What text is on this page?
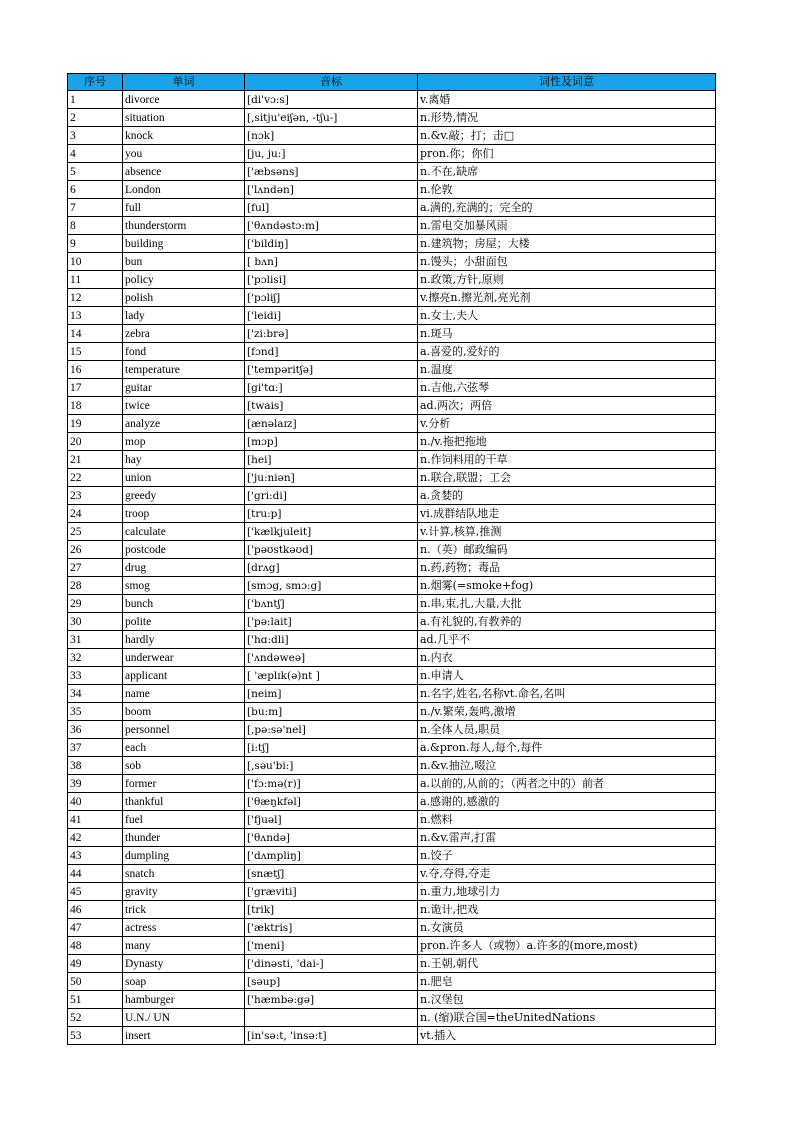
序号	单词	音标	词性及词意
1	divorce	[di'vɔ:s]	v.离婚
2	situation	[,sitju'eiʃən, -tʃu-]	n.形势,情况
3	knock	[nɔk]	n.&v.敲；打；击□
4	you	[ju, ju:]	pron.你；你们
5	absence	['æbsəns]	n.不在,缺席
6	London	['lʌndən]	n.伦敦
7	full	[ful]	a.满的,充满的；完全的
8	thunderstorm	['θʌndəstɔ:m]	n.雷电交加暴风雨
9	building	['bildiŋ]	n.建筑物；房屋；大楼
10	bun	[ bʌn]	n.馒头；小甜面包
11	policy	['pɔlisi]	n.政策,方针,原则
12	polish	['pɔliʃ]	v.擦亮n.擦光剂,亮光剂
13	lady	['leidi]	n.女士,夫人
14	zebra	['zi:brə]	n.斑马
15	fond	[fɔnd]	a.喜爱的,爱好的
16	temperature	['tempəritʃə]	n.温度
17	guitar	[gi'tɑ:]	n.吉他,六弦琴
18	twice	[twais]	ad.两次；两倍
19	analyze	[ænəlaɪz]	v.分析
20	mop	[mɔp]	n./v.拖把拖地
21	hay	[hei]	n.作饲料用的干草
22	union	['ju:niən]	n.联合,联盟；工会
23	greedy	['gri:di]	a.贪婪的
24	troop	[tru:p]	vi.成群结队地走
25	calculate	['kælkjuleit]	v.计算,核算,推测
26	postcode	['pəʊstkəʊd]	n.（英）邮政编码
27	drug	[drʌg]	n.药,药物；毒品
28	smog	[smɔg, smɔ:g]	n.烟雾(=smoke+fog)
29	bunch	['bʌntʃ]	n.串,束,扎,大量,大批
30	polite	['pə:lait]	a.有礼貌的,有教养的
31	hardly	['hɑ:dli]	ad.几乎不
32	underwear	['ʌndəweə]	n.内衣
33	applicant	[ 'æplɪk(ə)nt ]	n.申请人
34	name	[neim]	n.名字,姓名,名称vt.命名,名叫
35	boom	[bu:m]	n./v.繁荣,轰鸣,激增
36	personnel	[,pə:sə'nel]	n.全体人员,职员
37	each	[i:tʃ]	a.&pron.每人,每个,每件
38	sob	[,səu'bi:]	n.&v.抽泣,啜泣
39	former	['fɔ:mə(r)]	a.以前的,从前的；（两者之中的）前者
40	thankful	['θæŋkfəl]	a.感谢的,感激的
41	fuel	['fjuəl]	n.燃料
42	thunder	['θʌndə]	n.&v.雷声,打雷
43	dumpling	['dʌmpliŋ]	n.饺子
44	snatch	[snætʃ]	v.夺,夺得,夺走
45	gravity	['græviti]	n.重力,地球引力
46	trick	[trik]	n.诡计,把戏
47	actress	['æktris]	n.女演员
48	many	['meni]	pron.许多人（或物）a.许多的(more,most)
49	Dynasty	['dinəsti, 'dai-]	n.王朝,朝代
50	soap	[səup]	n.肥皂
51	hamburger	['hæmbə:gə]	n.汉堡包
52	U.N./ UN		n. (缩)联合国=theUnitedNations
53	insert	[in'sə:t, 'insə:t]	vt.插入
